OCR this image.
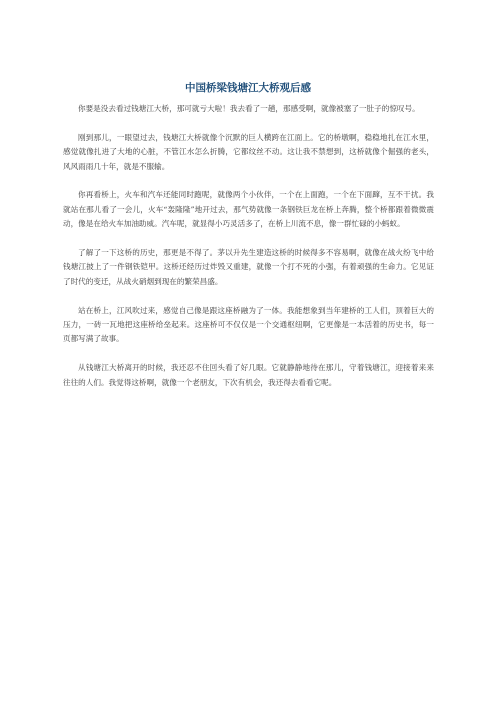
中国桥梁钱塘江大桥观后感

你要是没去看过钱塘江大桥，那可就亏大啦！我去看了一趟，那感受啊，就像被塞了一肚子的惊叹号。

刚到那儿，一眼望过去，钱塘江大桥就像个沉默的巨人横跨在江面上。它的桥墩啊，稳稳地扎在江水里，感觉就像扎进了大地的心脏，不管江水怎么折腾，它都纹丝不动。这让我不禁想到，这桥就像个倔强的老头，风风雨雨几十年，就是不服输。

你再看桥上，火车和汽车还能同时跑呢，就像两个小伙伴，一个在上面跑，一个在下面蹿，互不干扰。我就站在那儿看了一会儿，火车“轰隆隆”地开过去，那气势就像一条钢铁巨龙在桥上奔腾，整个桥都跟着微微震动，像是在给火车加油助威。汽车呢，就显得小巧灵活多了，在桥上川流不息，像一群忙碌的小蚂蚁。

了解了一下这桥的历史，那更是不得了。茅以升先生建造这桥的时候得多不容易啊，就像在战火纷飞中给钱塘江披上了一件钢铁铠甲。这桥还经历过炸毁又重建，就像一个打不死的小强，有着顽强的生命力。它见证了时代的变迁，从战火硝烟到现在的繁荣昌盛。

站在桥上，江风吹过来，感觉自己像是跟这座桥融为了一体。我能想象到当年建桥的工人们，顶着巨大的压力，一砖一瓦地把这座桥给垒起来。这座桥可不仅仅是一个交通枢纽啊，它更像是一本活着的历史书，每一页都写满了故事。

从钱塘江大桥离开的时候，我还忍不住回头看了好几眼。它就静静地待在那儿，守着钱塘江，迎接着来来往往的人们。我觉得这桥啊，就像一个老朋友，下次有机会，我还得去看看它呢。
